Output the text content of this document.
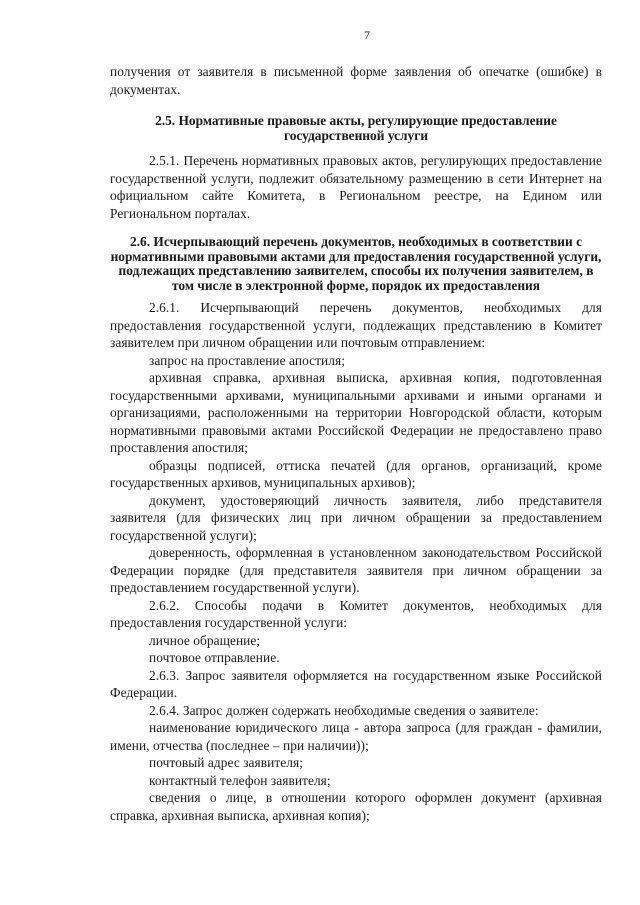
7

получения от заявителя в письменной форме заявления об опечатке (ошибке) в документах.

2.5. Нормативные правовые акты, регулирующие предоставление государственной услуги

2.5.1. Перечень нормативных правовых актов, регулирующих предоставление государственной услуги, подлежит обязательному размещению в сети Интернет на официальном сайте Комитета, в Региональном реестре, на Едином или Региональном порталах.

2.6. Исчерпывающий перечень документов, необходимых в соответствии с нормативными правовыми актами для предоставления государственной услуги, подлежащих представлению заявителем, способы их получения заявителем, в том числе в электронной форме, порядок их предоставления

2.6.1. Исчерпывающий перечень документов, необходимых для предоставления государственной услуги, подлежащих представлению в Комитет заявителем при личном обращении или почтовым отправлением:

запрос на проставление апостиля;

архивная справка, архивная выписка, архивная копия, подготовленная государственными архивами, муниципальными архивами и иными органами и организациями, расположенными на территории Новгородской области, которым нормативными правовыми актами Российской Федерации не предоставлено право проставления апостиля;

образцы подписей, оттиска печатей (для органов, организаций, кроме государственных архивов, муниципальных архивов);

документ, удостоверяющий личность заявителя, либо представителя заявителя (для физических лиц при личном обращении за предоставлением государственной услуги);

доверенность, оформленная в установленном законодательством Российской Федерации порядке (для представителя заявителя при личном обращении за предоставлением государственной услуги).

2.6.2. Способы подачи в Комитет документов, необходимых для предоставления государственной услуги:

личное обращение;

почтовое отправление.

2.6.3. Запрос заявителя оформляется на государственном языке Российской Федерации.

2.6.4. Запрос должен содержать необходимые сведения о заявителе:

наименование юридического лица - автора запроса (для граждан - фамилии, имени, отчества (последнее – при наличии));

почтовый адрес заявителя;

контактный телефон заявителя;

сведения о лице, в отношении которого оформлен документ (архивная справка, архивная выписка, архивная копия);
